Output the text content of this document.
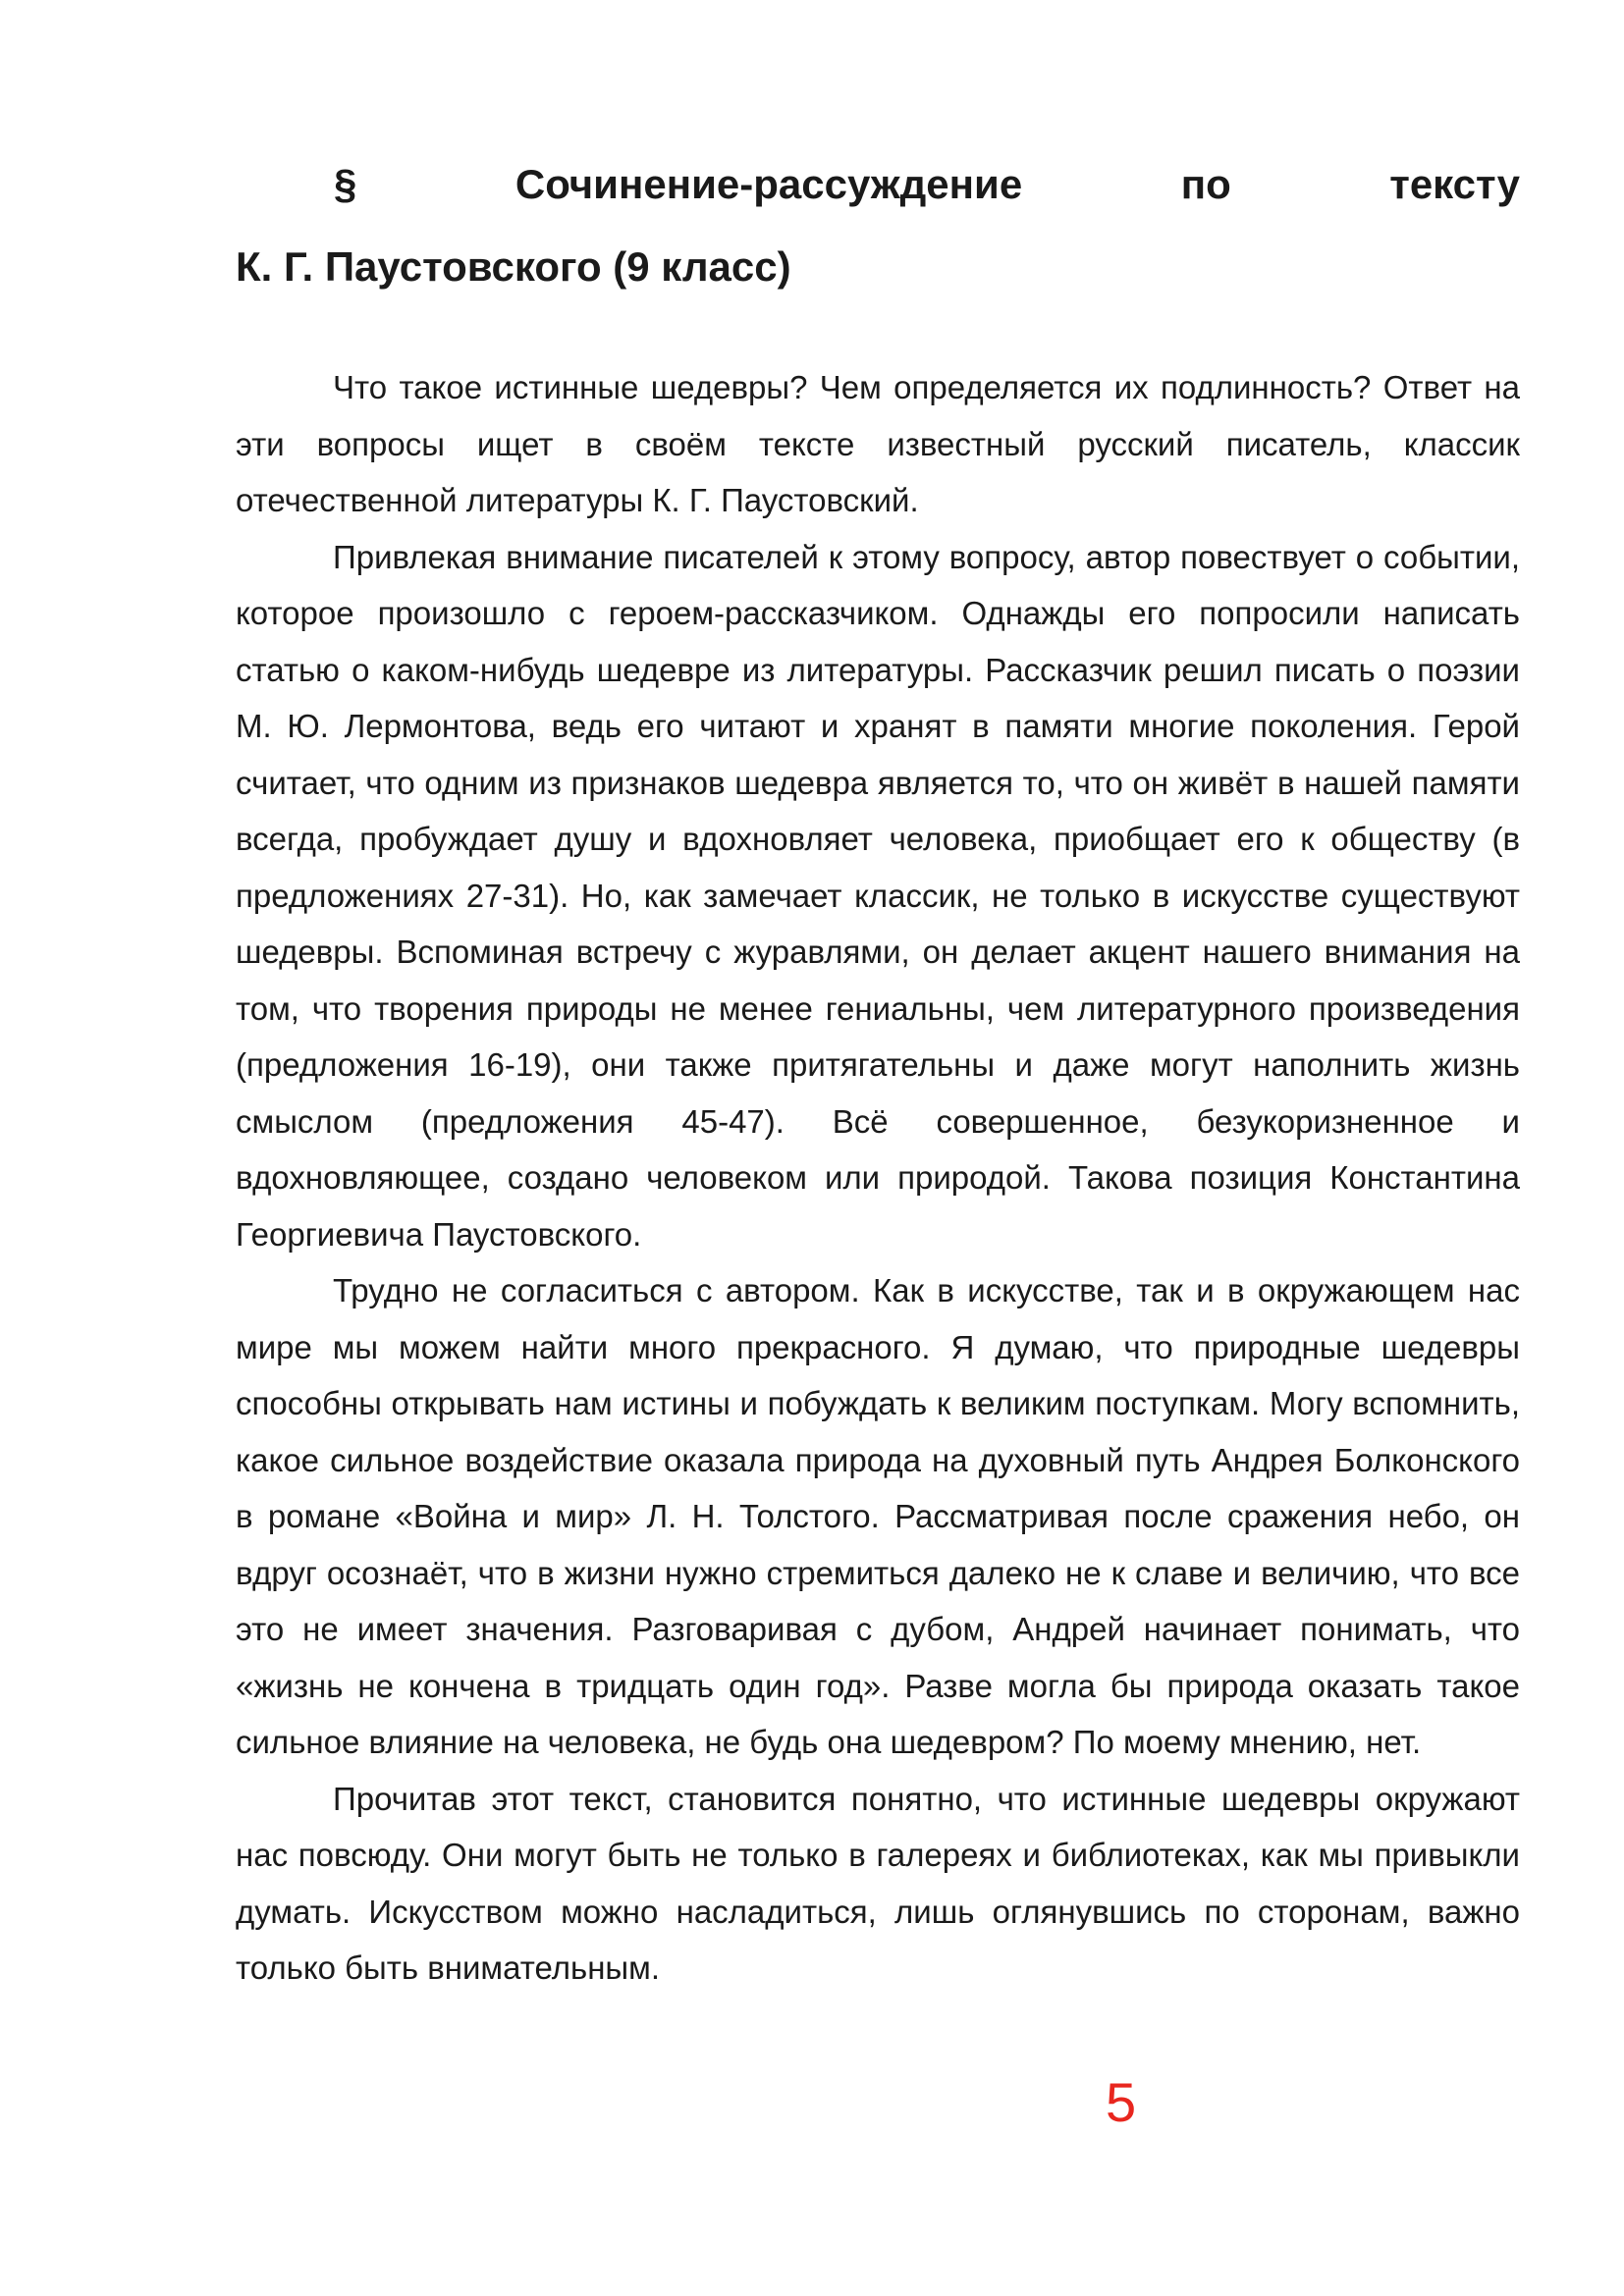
§	Сочинение-рассуждение	по	тексту
К. Г. Паустовского (9 класс)

Что такое истинные шедевры? Чем определяется их подлинность? Ответ на эти вопросы ищет в своём тексте известный русский писатель, классик отечественной литературы К. Г. Паустовский.

Привлекая внимание писателей к этому вопросу, автор повествует о событии, которое произошло с героем-рассказчиком. Однажды его попросили написать статью о каком-нибудь шедевре из литературы. Рассказчик решил писать о поэзии М. Ю. Лермонтова, ведь его читают и хранят в памяти многие поколения. Герой считает, что одним из признаков шедевра является то, что он живёт в нашей памяти всегда, пробуждает душу и вдохновляет человека, приобщает его к обществу (в предложениях 27-31). Но, как замечает классик, не только в искусстве существуют шедевры. Вспоминая встречу с журавлями, он делает акцент нашего внимания на том, что творения природы не менее гениальны, чем литературного произведения (предложения 16-19), они также притягательны и даже могут наполнить жизнь смыслом (предложения 45-47). Всё совершенное, безукоризненное и вдохновляющее, создано человеком или природой. Такова позиция Константина Георгиевича Паустовского.

Трудно не согласиться с автором. Как в искусстве, так и в окружающем нас мире мы можем найти много прекрасного. Я думаю, что природные шедевры способны открывать нам истины и побуждать к великим поступкам. Могу вспомнить, какое сильное воздействие оказала природа на духовный путь Андрея Болконского в романе «Война и мир» Л. Н. Толстого. Рассматривая после сражения небо, он вдруг осознаёт, что в жизни нужно стремиться далеко не к славе и величию, что все это не имеет значения. Разговаривая с дубом, Андрей начинает понимать, что «жизнь не кончена в тридцать один год». Разве могла бы природа оказать такое сильное влияние на человека, не будь она шедевром? По моему мнению, нет.

Прочитав этот текст, становится понятно, что истинные шедевры окружают нас повсюду. Они могут быть не только в галереях и библиотеках, как мы привыкли думать. Искусством можно насладиться, лишь оглянувшись по сторонам, важно только быть внимательным.

5
